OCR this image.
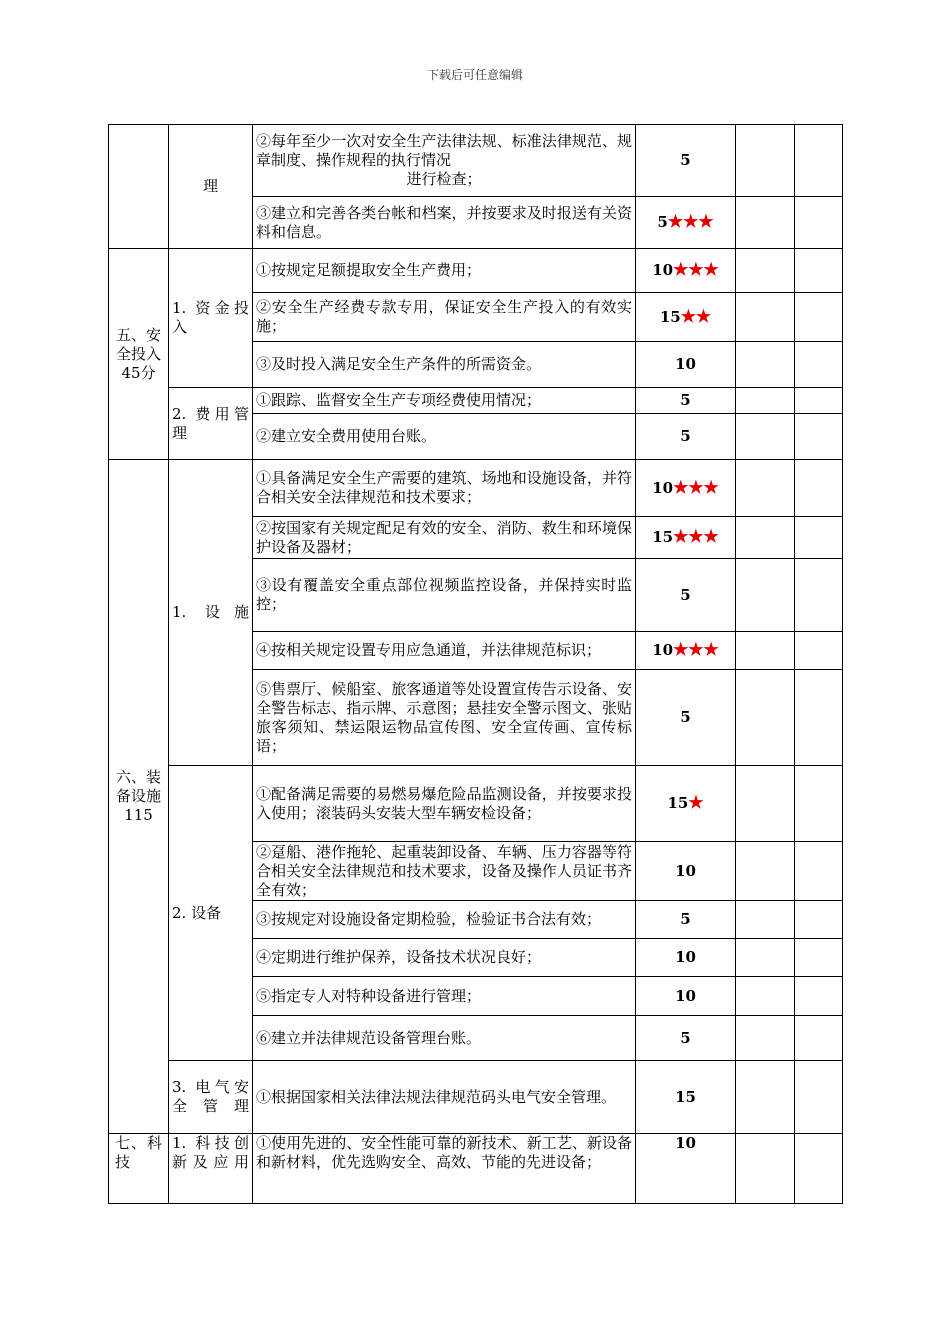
下载后可任意编辑
	理	②每年至少一次对安全生产法律法规、标准法律规范、规章制度、操作规程的执行情况
进行检查；	5		
		③建立和完善各类台帐和档案，并按要求及时报送有关资料和信息。	5★★★		
五、安全投入45分	1. 资金投入	①按规定足额提取安全生产费用；	10★★★		
		②安全生产经费专款专用，保证安全生产投入的有效实施；	15★★		
		③及时投入满足安全生产条件的所需资金。	10		
	2. 费用管理	①跟踪、监督安全生产专项经费使用情况；	5		
		②建立安全费用使用台账。	5		
六、装备设施115	1. 设施	①具备满足安全生产需要的建筑、场地和设施设备，并符合相关安全法律规范和技术要求；	10★★★		
		②按国家有关规定配足有效的安全、消防、救生和环境保护设备及器材；	15★★★		
		③设有覆盖安全重点部位视频监控设备，并保持实时监控；	5		
		④按相关规定设置专用应急通道，并法律规范标识；	10★★★		
		⑤售票厅、候船室、旅客通道等处设置宣传告示设备、安全警告标志、指示牌、示意图；悬挂安全警示图文、张贴旅客须知、禁运限运物品宣传图、安全宣传画、宣传标语；	5		
	2. 设备	①配备满足需要的易燃易爆危险品监测设备，并按要求投入使用；滚装码头安装大型车辆安检设备；	15★		
		②趸船、港作拖轮、起重装卸设备、车辆、压力容器等符合相关安全法律规范和技术要求，设备及操作人员证书齐全有效；	10		
		③按规定对设施设备定期检验，检验证书合法有效；	5		
		④定期进行维护保养，设备技术状况良好；	10		
		⑤指定专人对特种设备进行管理；	10		
		⑥建立并法律规范设备管理台账。	5		
	3. 电气安全管理	①根据国家相关法律法规法律规范码头电气安全管理。	15		
七、科技	1. 科技创新及应用	①使用先进的、安全性能可靠的新技术、新工艺、新设备和新材料，优先选购安全、高效、节能的先进设备；	10		
